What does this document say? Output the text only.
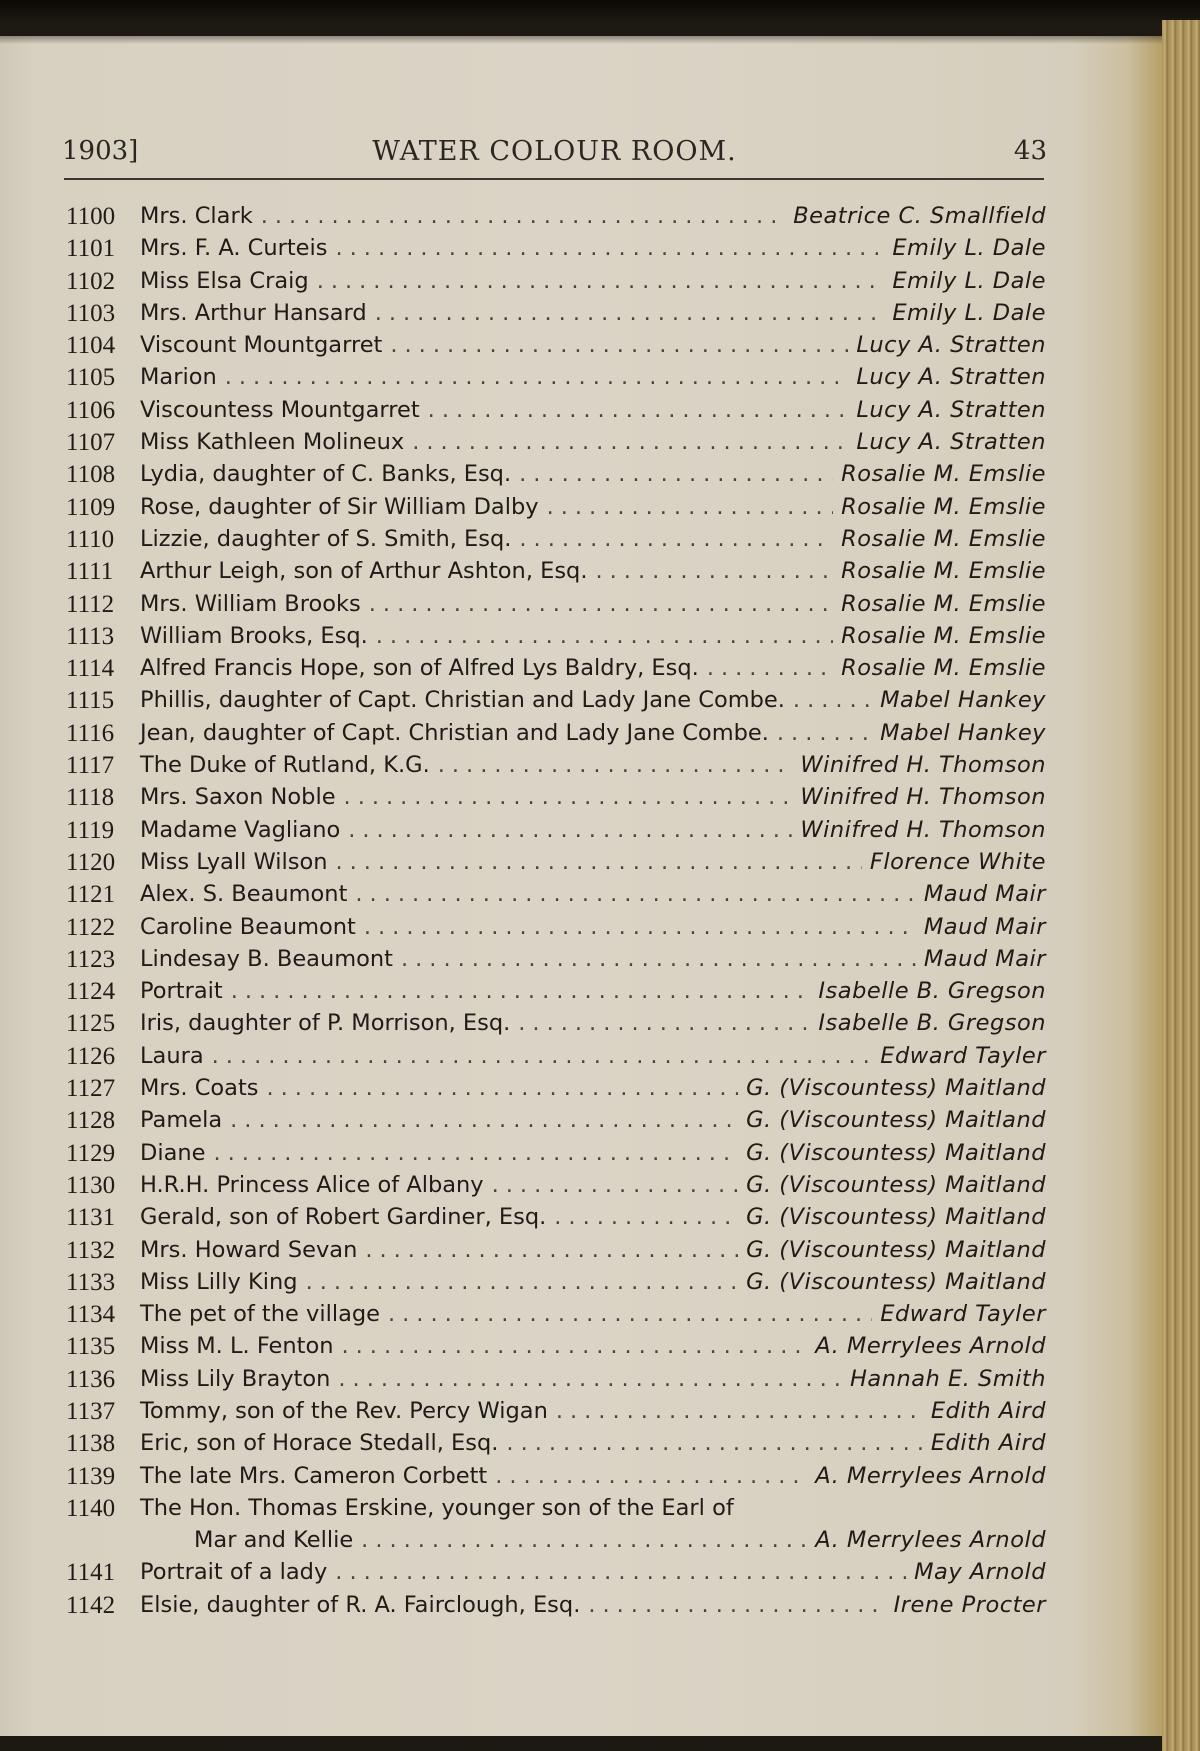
1903]	WATER COLOUR ROOM.	43
1100	Mrs. Clark .....	Beatrice C. Smallfield
1101	Mrs. F. A. Curteis .....	Emily L. Dale
1102	Miss Elsa Craig .....	Emily L. Dale
1103	Mrs. Arthur Hansard .....	Emily L. Dale
1104	Viscount Mountgarret .....	Lucy A. Stratten
1105	Marion .....	Lucy A. Stratten
1106	Viscountess Mountgarret .....	Lucy A. Stratten
1107	Miss Kathleen Molineux .....	Lucy A. Stratten
1108	Lydia, daughter of C. Banks, Esq. .....	Rosalie M. Emslie
1109	Rose, daughter of Sir William Dalby .....	Rosalie M. Emslie
1110	Lizzie, daughter of S. Smith, Esq. .....	Rosalie M. Emslie
1111	Arthur Leigh, son of Arthur Ashton, Esq. .....	Rosalie M. Emslie
1112	Mrs. William Brooks .....	Rosalie M. Emslie
1113	William Brooks, Esq. .....	Rosalie M. Emslie
1114	Alfred Francis Hope, son of Alfred Lys Baldry, Esq. .....	Rosalie M. Emslie
1115	Phillis, daughter of Capt. Christian and Lady Jane Combe. .....	Mabel Hankey
1116	Jean, daughter of Capt. Christian and Lady Jane Combe. .....	Mabel Hankey
1117	The Duke of Rutland, K.G. .....	Winifred H. Thomson
1118	Mrs. Saxon Noble .....	Winifred H. Thomson
1119	Madame Vagliano .....	Winifred H. Thomson
1120	Miss Lyall Wilson .....	Florence White
1121	Alex. S. Beaumont .....	Maud Mair
1122	Caroline Beaumont .....	Maud Mair
1123	Lindesay B. Beaumont .....	Maud Mair
1124	Portrait .....	Isabelle B. Gregson
1125	Iris, daughter of P. Morrison, Esq. .....	Isabelle B. Gregson
1126	Laura .....	Edward Tayler
1127	Mrs. Coats .....	G. (Viscountess) Maitland
1128	Pamela .....	G. (Viscountess) Maitland
1129	Diane .....	G. (Viscountess) Maitland
1130	H.R.H. Princess Alice of Albany .....	G. (Viscountess) Maitland
1131	Gerald, son of Robert Gardiner, Esq. .....	G. (Viscountess) Maitland
1132	Mrs. Howard Sevan .....	G. (Viscountess) Maitland
1133	Miss Lilly King .....	G. (Viscountess) Maitland
1134	The pet of the village .....	Edward Tayler
1135	Miss M. L. Fenton .....	A. Merrylees Arnold
1136	Miss Lily Brayton .....	Hannah E. Smith
1137	Tommy, son of the Rev. Percy Wigan .....	Edith Aird
1138	Eric, son of Horace Stedall, Esq. .....	Edith Aird
1139	The late Mrs. Cameron Corbett .....	A. Merrylees Arnold
1140	The Hon. Thomas Erskine, younger son of the Earl of
Mar and Kellie .....	A. Merrylees Arnold
1141	Portrait of a lady .....	May Arnold
1142	Elsie, daughter of R. A. Fairclough, Esq. .....	Irene Procter
